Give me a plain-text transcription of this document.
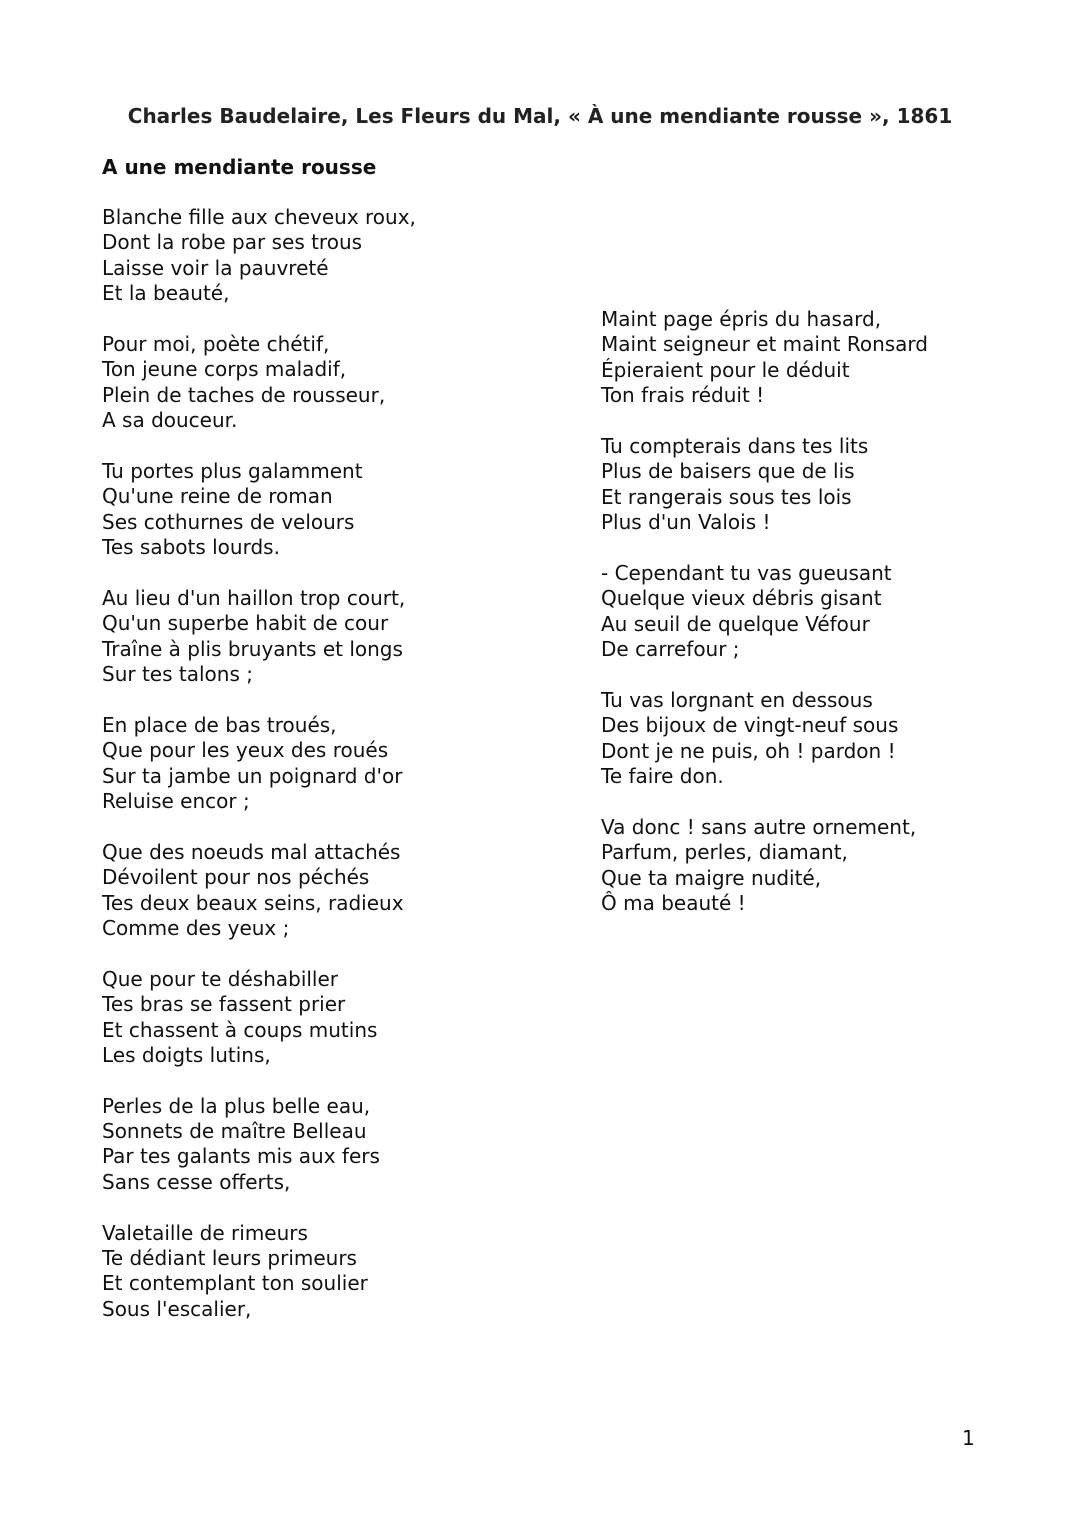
Charles Baudelaire, Les Fleurs du Mal, « À une mendiante rousse », 1861
A une mendiante rousse
Blanche fille aux cheveux roux,
Dont la robe par ses trous
Laisse voir la pauvreté
Et la beauté,
Pour moi, poète chétif,
Ton jeune corps maladif,
Plein de taches de rousseur,
A sa douceur.
Tu portes plus galamment
Qu'une reine de roman
Ses cothurnes de velours
Tes sabots lourds.
Au lieu d'un haillon trop court,
Qu'un superbe habit de cour
Traîne à plis bruyants et longs
Sur tes talons ;
En place de bas troués,
Que pour les yeux des roués
Sur ta jambe un poignard d'or
Reluise encor ;
Que des noeuds mal attachés
Dévoilent pour nos péchés
Tes deux beaux seins, radieux
Comme des yeux ;
Que pour te déshabiller
Tes bras se fassent prier
Et chassent à coups mutins
Les doigts lutins,
Perles de la plus belle eau,
Sonnets de maître Belleau
Par tes galants mis aux fers
Sans cesse offerts,
Valetaille de rimeurs
Te dédiant leurs primeurs
Et contemplant ton soulier
Sous l'escalier,
Maint page épris du hasard,
Maint seigneur et maint Ronsard
Épieraient pour le déduit
Ton frais réduit !
Tu compterais dans tes lits
Plus de baisers que de lis
Et rangerais sous tes lois
Plus d'un Valois !
- Cependant tu vas gueusant
Quelque vieux débris gisant
Au seuil de quelque Véfour
De carrefour ;
Tu vas lorgnant en dessous
Des bijoux de vingt-neuf sous
Dont je ne puis, oh ! pardon !
Te faire don.
Va donc ! sans autre ornement,
Parfum, perles, diamant,
Que ta maigre nudité,
Ô ma beauté !
1
